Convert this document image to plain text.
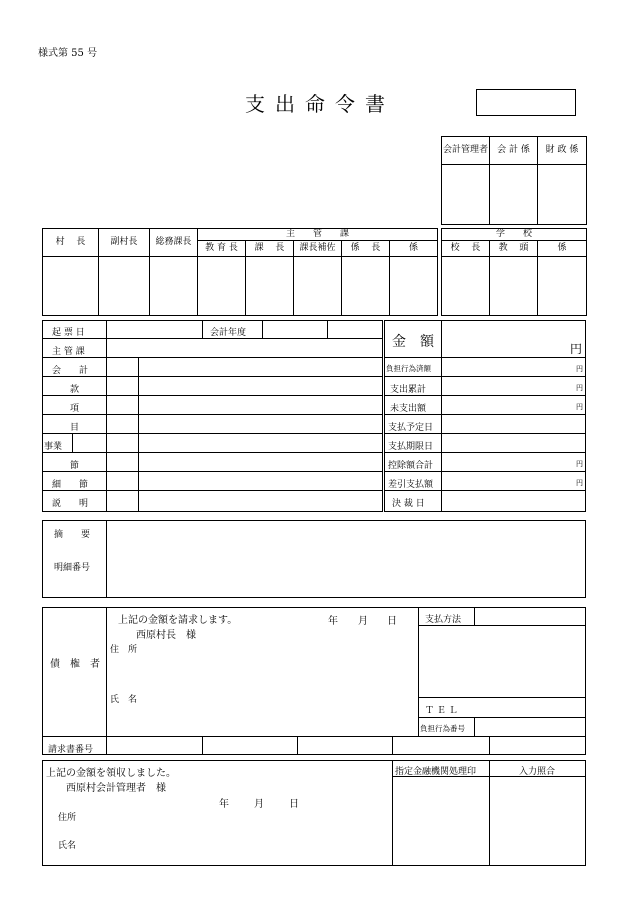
様式第 55 号
支出命令書
会計管理者	会 計 係	財 政 係

村　 長	副村長	総務課長	主　　管　　課				
			教 育 長	課　 長	課長補佐	係　 長	係

学　　校		
校　 長	教　 頭	係

起 票 日	会計年度
主 管 課
会　　計
款
項
目
事業
節
細　　節
説　　明
金　額	円
負担行為済額	円
支出累計	円
未支出額	円
支払予定日
支払期限日
控除額合計	円
差引支払額	円
決 裁 日
摘　　要
明細番号
債　権　者
上記の金額を請求します。	年 月 日
西原村長　様
住　所
氏　名
支払方法
Ｔ Ｅ Ｌ
負担行為番号
請求書番号
上記の金額を領収しました。
西原村会計管理者　様
年	月	日
住所
氏名
指定金融機関処理印	入力照合
